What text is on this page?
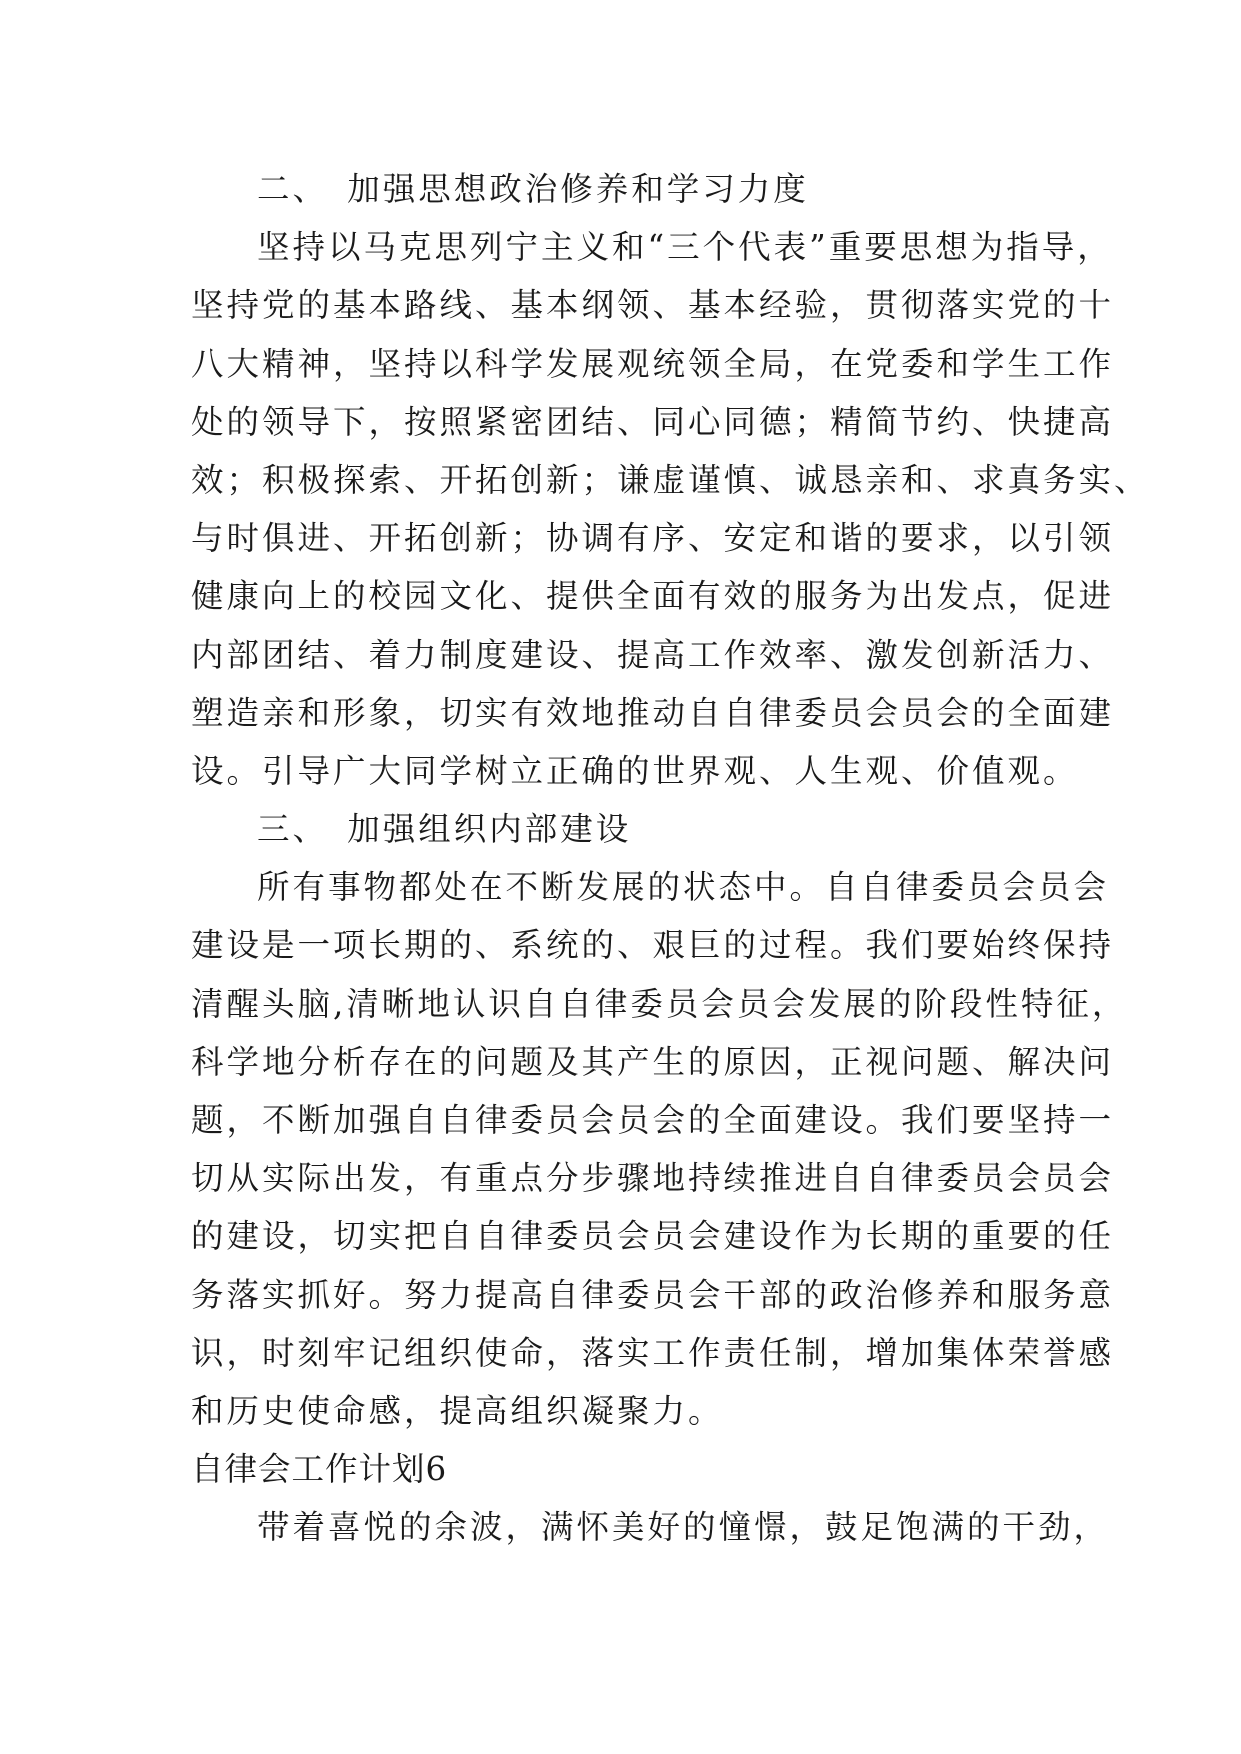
二、　加强思想政治修养和学习力度
坚持以马克思列宁主义和“三个代表”重要思想为指导，
坚持党的基本路线、基本纲领、基本经验，贯彻落实党的十
八大精神，坚持以科学发展观统领全局，在党委和学生工作
处的领导下，按照紧密团结、同心同德；精简节约、快捷高
效；积极探索、开拓创新；谦虚谨慎、诚恳亲和、求真务实、
与时俱进、开拓创新；协调有序、安定和谐的要求，以引领
健康向上的校园文化、提供全面有效的服务为出发点，促进
内部团结、着力制度建设、提高工作效率、激发创新活力、
塑造亲和形象，切实有效地推动自自律委员会员会的全面建
设。引导广大同学树立正确的世界观、人生观、价值观。
三、　加强组织内部建设
所有事物都处在不断发展的状态中。自自律委员会员会
建设是一项长期的、系统的、艰巨的过程。我们要始终保持
清醒头脑,清晰地认识自自律委员会员会发展的阶段性特征，
科学地分析存在的问题及其产生的原因，正视问题、解决问
题，不断加强自自律委员会员会的全面建设。我们要坚持一
切从实际出发，有重点分步骤地持续推进自自律委员会员会
的建设，切实把自自律委员会员会建设作为长期的重要的任
务落实抓好。努力提高自律委员会干部的政治修养和服务意
识，时刻牢记组织使命，落实工作责任制，增加集体荣誉感
和历史使命感，提高组织凝聚力。
自律会工作计划6
带着喜悦的余波，满怀美好的憧憬，鼓足饱满的干劲，
